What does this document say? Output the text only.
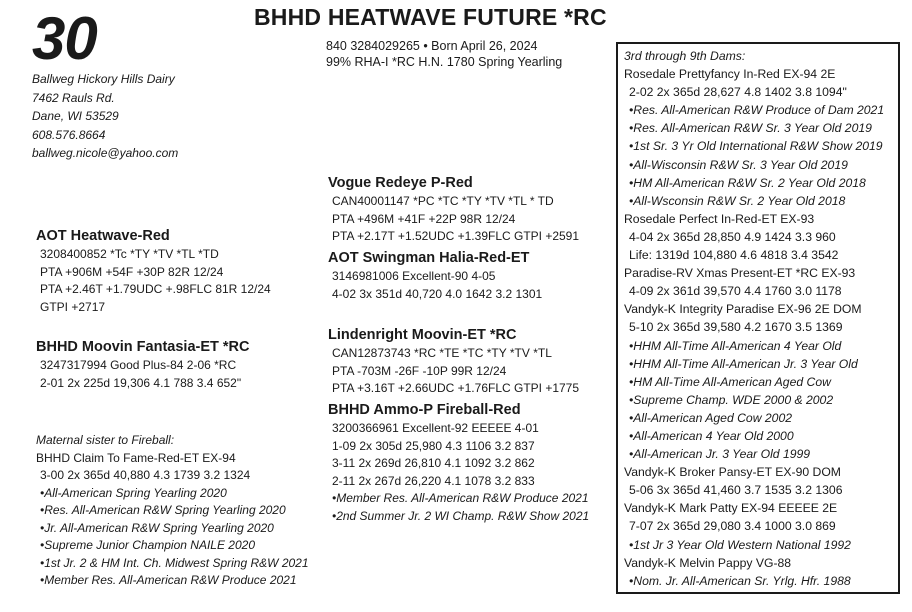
30	BHHD HEATWAVE FUTURE *RC
840 3284029265 • Born April 26, 2024
99% RHA-I *RC H.N. 1780 Spring Yearling
Ballweg Hickory Hills Dairy
7462 Rauls Rd.
Dane, WI 53529
608.576.8664
ballweg.nicole@yahoo.com
AOT Heatwave-Red
3208400852 *Tc *TY *TV *TL *TD
PTA +906M +54F +30P 82R 12/24
PTA +2.46T +1.79UDC +.98FLC 81R 12/24
GTPI +2717
Vogue Redeye P-Red
CAN40001147 *PC *TC *TY *TV *TL * TD
PTA +496M +41F +22P 98R 12/24
PTA +2.17T +1.52UDC +1.39FLC GTPI +2591
AOT Swingman Halia-Red-ET
3146981006 Excellent-90 4-05
4-02 3x 351d 40,720 4.0 1642 3.2 1301
BHHD Moovin Fantasia-ET *RC
3247317994 Good Plus-84 2-06 *RC
2-01 2x 225d 19,306 4.1 788 3.4 652"
Lindenright Moovin-ET *RC
CAN12873743 *RC *TE *TC *TY *TV *TL
PTA -703M -26F -10P 99R 12/24
PTA +3.16T +2.66UDC +1.76FLC GTPI +1775
BHHD Ammo-P Fireball-Red
3200366961 Excellent-92 EEEEE 4-01
1-09 2x 305d 25,980 4.3 1106 3.2 837
3-11 2x 269d 26,810 4.1 1092 3.2 862
2-11 2x 267d 26,220 4.1 1078 3.2 833
•Member Res. All-American R&W Produce 2021
•2nd Summer Jr. 2 WI Champ. R&W Show 2021
Maternal sister to Fireball:
BHHD Claim To Fame-Red-ET EX-94
3-00 2x 365d 40,880 4.3 1739 3.2 1324
•All-American Spring Yearling 2020
•Res. All-American R&W Spring Yearling 2020
•Jr. All-American R&W Spring Yearling 2020
•Supreme Junior Champion NAILE 2020
•1st Jr. 2 & HM Int. Ch. Midwest Spring R&W 2021
•Member Res. All-American R&W Produce 2021
3rd through 9th Dams:
Rosedale Prettyfancy In-Red EX-94 2E
2-02 2x 365d 28,627 4.8 1402 3.8 1094"
•Res. All-American R&W Produce of Dam 2021
•Res. All-American R&W Sr. 3 Year Old 2019
•1st Sr. 3 Yr Old International R&W Show 2019
•All-Wisconsin R&W Sr. 3 Year Old 2019
•HM All-American R&W Sr. 2 Year Old 2018
•All-Wsconsin R&W Sr. 2 Year Old 2018
Rosedale Perfect In-Red-ET EX-93
4-04 2x 365d 28,850 4.9 1424 3.3 960
Life: 1319d 104,880 4.6 4818 3.4 3542
Paradise-RV Xmas Present-ET *RC EX-93
4-09 2x 361d 39,570 4.4 1760 3.0 1178
Vandyk-K Integrity Paradise EX-96 2E DOM
5-10 2x 365d 39,580 4.2 1670 3.5 1369
•HHM All-Time All-American 4 Year Old
•HHM All-Time All-American Jr. 3 Year Old
•HM All-Time All-American Aged Cow
•Supreme Champ. WDE 2000 & 2002
•All-American Aged Cow 2002
•All-American 4 Year Old 2000
•All-American Jr. 3 Year Old 1999
Vandyk-K Broker Pansy-ET EX-90 DOM
5-06 3x 365d 41,460 3.7 1535 3.2 1306
Vandyk-K Mark Patty EX-94 EEEEE 2E
7-07 2x 365d 29,080 3.4 1000 3.0 869
•1st Jr 3 Year Old Western National 1992
Vandyk-K Melvin Pappy VG-88
•Nom. Jr. All-American Sr. Yrlg. Hfr. 1988
